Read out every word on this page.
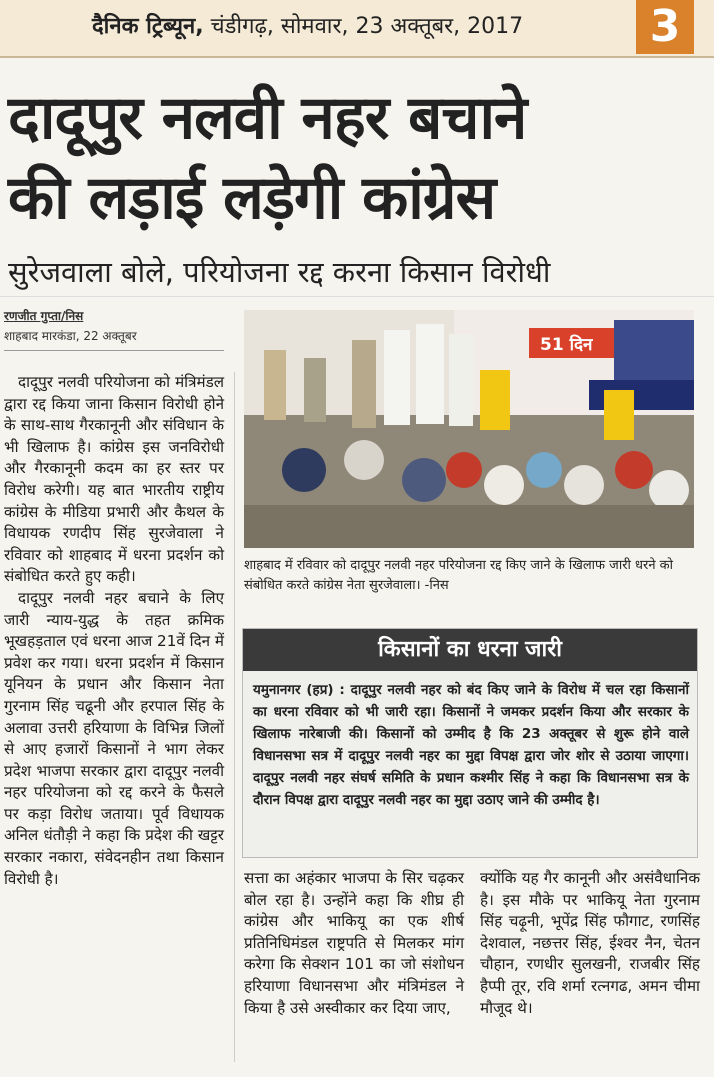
दैनिक ट्रिब्यून, चंडीगढ़, सोमवार, 23 अक्तूबर, 2017	3
दादूपुर नलवी नहर बचाने
की लड़ाई लड़ेगी कांग्रेस
सुरेजवाला बोले, परियोजना रद्द करना किसान विरोधी
रणजीत गुप्ता/निस
शाहबाद मारकंडा, 22 अक्तूबर

दादूपुर नलवी परियोजना को मंत्रिमंडल द्वारा रद्द किया जाना किसान विरोधी होने के साथ-साथ गैरकानूनी और संविधान के भी खिलाफ है। कांग्रेस इस जनविरोधी और गैरकानूनी कदम का हर स्तर पर विरोध करेगी। यह बात भारतीय राष्ट्रीय कांग्रेस के मीडिया प्रभारी और कैथल के विधायक रणदीप सिंह सुरजेवाला ने रविवार को शाहबाद में धरना प्रदर्शन को संबोधित करते हुए कही।

दादूपुर नलवी नहर बचाने के लिए जारी न्याय-युद्ध के तहत क्रमिक भूखहड़ताल एवं धरना आज 21वें दिन में प्रवेश कर गया। धरना प्रदर्शन में किसान यूनियन के प्रधान और किसान नेता गुरनाम सिंह चढूनी और हरपाल सिंह के अलावा उत्तरी हरियाणा के विभिन्न जिलों से आए हजारों किसानों ने भाग लेकर प्रदेश भाजपा सरकार द्वारा दादूपुर नलवी नहर परियोजना को रद्द करने के फैसले पर कड़ा विरोध जताया। पूर्व विधायक अनिल धंतौड़ी ने कहा कि प्रदेश की खट्टर सरकार नकारा, संवेदनहीन तथा किसान विरोधी है।

51 दिन
शाहबाद में रविवार को दादूपुर नलवी नहर परियोजना रद्द किए जाने के खिलाफ जारी धरने को संबोधित करते कांग्रेस नेता सुरजेवाला। -निस
किसानों का धरना जारी
यमुनानगर (हप्र) : दादूपुर नलवी नहर को बंद किए जाने के विरोध में चल रहा किसानों का धरना रविवार को भी जारी रहा। किसानों ने जमकर प्रदर्शन किया और सरकार के खिलाफ नारेबाजी की। किसानों को उम्मीद है कि 23 अक्तूबर से शुरू होने वाले विधानसभा सत्र में दादूपुर नलवी नहर का मुद्दा विपक्ष द्वारा जोर शोर से उठाया जाएगा। दादूपुर नलवी नहर संघर्ष समिति के प्रधान कश्मीर सिंह ने कहा कि विधानसभा सत्र के दौरान विपक्ष द्वारा दादूपुर नलवी नहर का मुद्दा उठाए जाने की उम्मीद है।

सत्ता का अहंकार भाजपा के सिर चढ़कर बोल रहा है। उन्होंने कहा कि शीघ्र ही कांग्रेस और भाकियू का एक शीर्ष प्रतिनिधिमंडल राष्ट्रपति से मिलकर मांग करेगा कि सेक्शन 101 का जो संशोधन हरियाणा विधानसभा और मंत्रिमंडल ने किया है उसे अस्वीकार कर दिया जाए,

क्योंकि यह गैर कानूनी और असंवैधानिक है। इस मौके पर भाकियू नेता गुरनाम सिंह चढ़ूनी, भूपेंद्र सिंह फौगाट, रणसिंह देशवाल, नछत्तर सिंह, ईश्वर नैन, चेतन चौहान, रणधीर सुलखनी, राजबीर सिंह हैप्पी तूर, रवि शर्मा रत्नगढ, अमन चीमा मौजूद थे।
